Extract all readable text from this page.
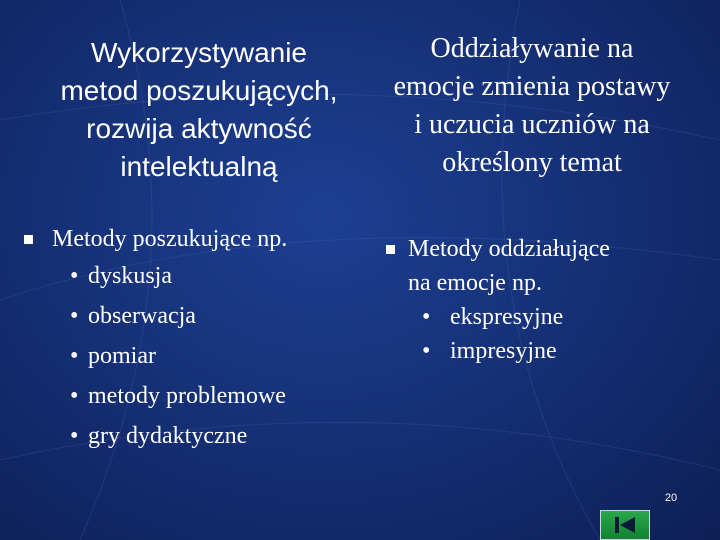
Wykorzystywanie
metod poszukujących,
rozwija aktywność
intelektualną
Oddziaływanie na
emocje zmienia postawy
i uczucia uczniów na
określony temat
Metody poszukujące np.
• dyskusja
• obserwacja
• pomiar
• metody problemowe
• gry dydaktyczne
Metody oddziałujące
na emocje np.
• ekspresyjne
• impresyjne
20
